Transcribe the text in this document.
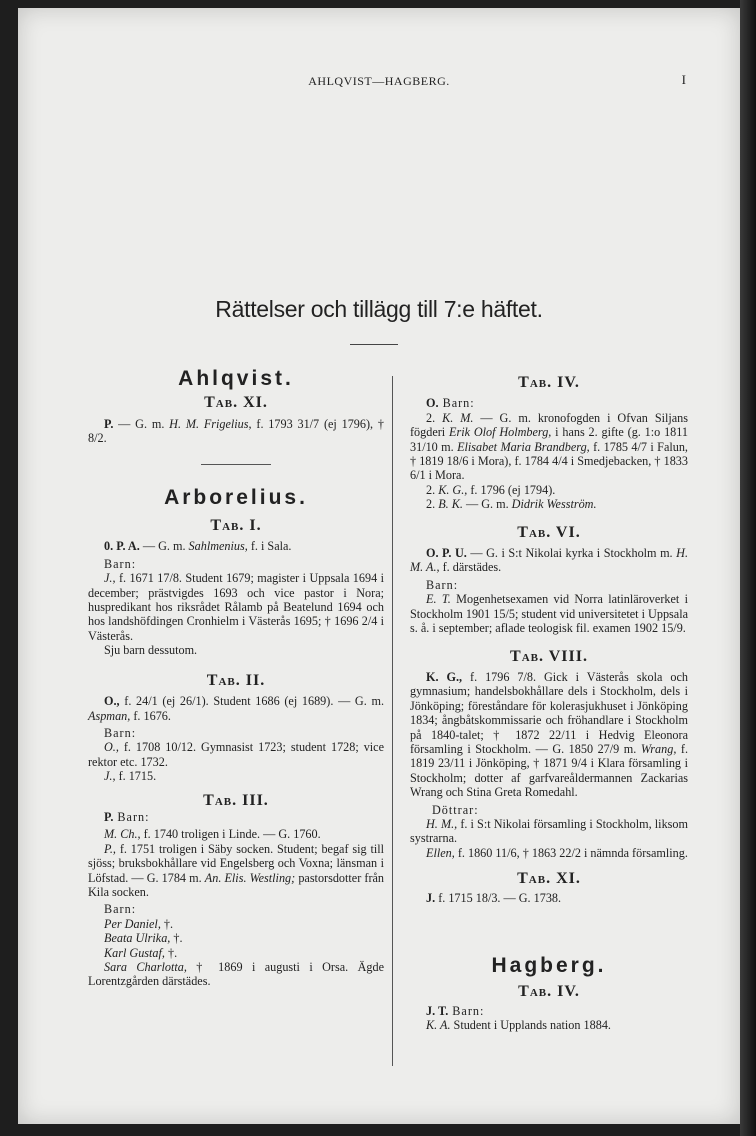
AHLQVIST—HAGBERG.	I
Rättelser och tillägg till 7:e häftet.
Ahlqvist.
Tab. XI.

P. — G. m. H. M. Frigelius, f. 1793 31/7 (ej 1796), † 8/2.

Arborelius.
Tab. I.

0. P. A. — G. m. Sahlmenius, f. i Sala.

Barn:

J., f. 1671 17/8. Student 1679; magister i Uppsala 1694 i december; prästvigdes 1693 och vice pastor i Nora; huspredikant hos riksrådet Rålamb på Beatelund 1694 och hos landshöfdingen Cronhielm i Västerås 1695; † 1696 2/4 i Västerås.

Sju barn dessutom.

Tab. II.

O., f. 24/1 (ej 26/1). Student 1686 (ej 1689). — G. m. Aspman, f. 1676.

Barn:

O., f. 1708 10/12. Gymnasist 1723; student 1728; vice rektor etc. 1732.

J., f. 1715.

Tab. III.

P. Barn:

M. Ch., f. 1740 troligen i Linde. — G. 1760.

P., f. 1751 troligen i Säby socken. Student; begaf sig till sjöss; bruksbokhållare vid Engelsberg och Voxna; länsman i Löfstad. — G. 1784 m. An. Elis. Westling; pastorsdotter från Kila socken.

Barn:

Per Daniel, †.

Beata Ulrika, †.

Karl Gustaf, †.

Sara Charlotta, † 1869 i augusti i Orsa. Ägde Lorentzgården därstädes.

Tab. IV.

O. Barn:

2. K. M. — G. m. kronofogden i Ofvan Siljans fögderi Erik Olof Holmberg, i hans 2. gifte (g. 1:o 1811 31/10 m. Elisabet Maria Brandberg, f. 1785 4/7 i Falun, † 1819 18/6 i Mora), f. 1784 4/4 i Smedjebacken, † 1833 6/1 i Mora.

2. K. G., f. 1796 (ej 1794).

2. B. K. — G. m. Didrik Wesström.

Tab. VI.

O. P. U. — G. i S:t Nikolai kyrka i Stockholm m. H. M. A., f. därstädes.

Barn:

E. T. Mogenhetsexamen vid Norra latinläroverket i Stockholm 1901 15/5; student vid universitetet i Uppsala s. å. i september; aflade teologisk fil. examen 1902 15/9.

Tab. VIII.

K. G., f. 1796 7/8. Gick i Västerås skola och gymnasium; handelsbokhållare dels i Stockholm, dels i Jönköping; föreståndare för kolerasjukhuset i Jönköping 1834; ångbåtskommissarie och fröhandlare i Stockholm på 1840-talet; † 1872 22/11 i Hedvig Eleonora församling i Stockholm. — G. 1850 27/9 m. Wrang, f. 1819 23/11 i Jönköping, † 1871 9/4 i Klara församling i Stockholm; dotter af garfvareåldermannen Zackarias Wrang och Stina Greta Romedahl.

Döttrar:

H. M., f. i S:t Nikolai församling i Stockholm, liksom systrarna.

Ellen, f. 1860 11/6, † 1863 22/2 i nämnda församling.

Tab. XI.

J. f. 1715 18/3. — G. 1738.

Hagberg.
Tab. IV.

J. T. Barn:

K. A. Student i Upplands nation 1884.
